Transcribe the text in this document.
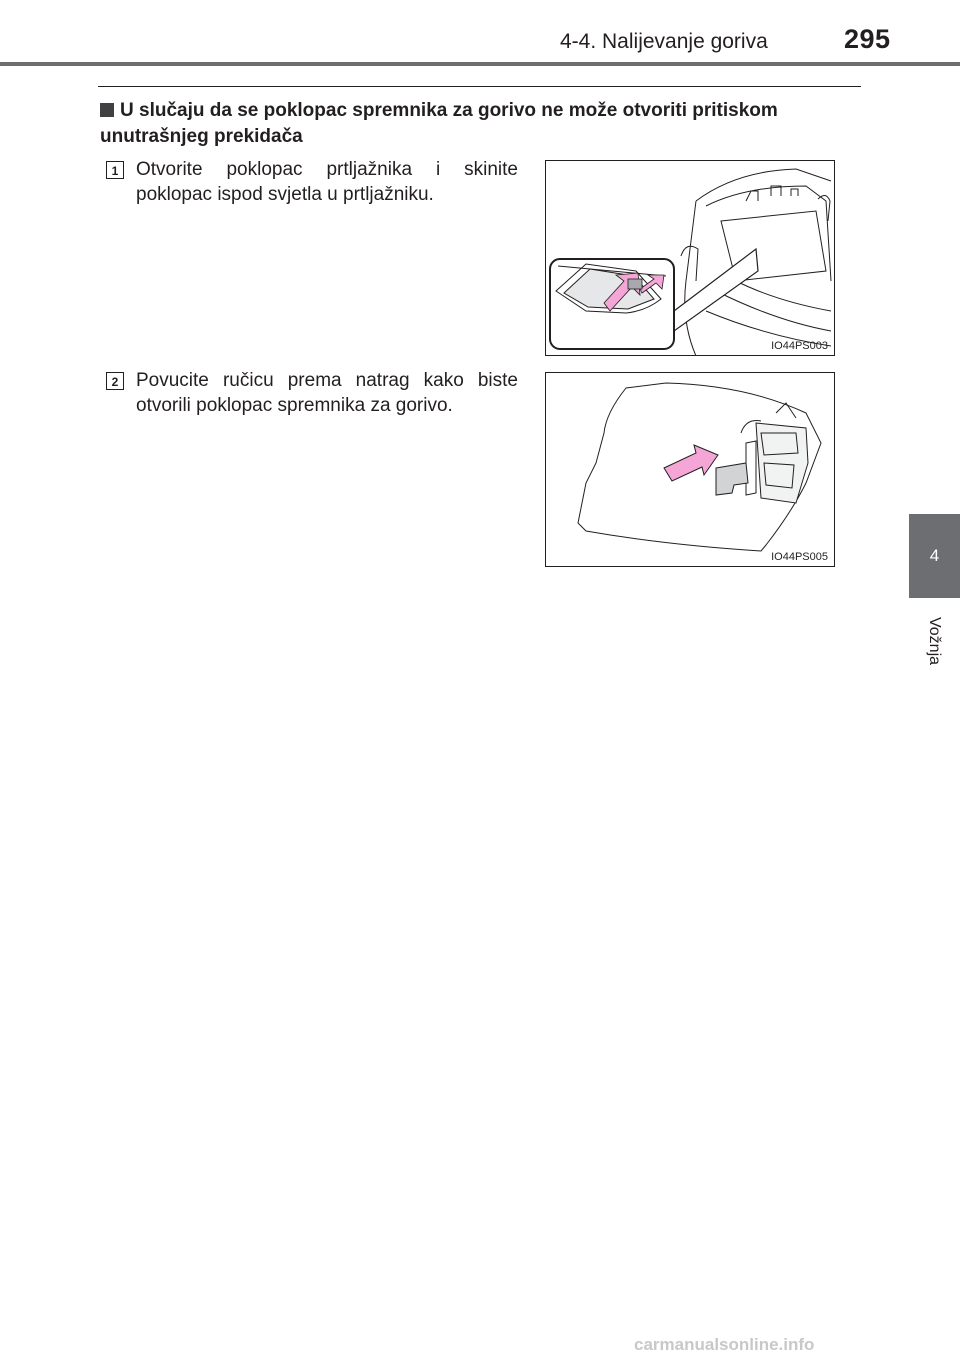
4-4. Nalijevanje goriva	295
4
Vožnja
U slučaju da se poklopac spremnika za gorivo ne može otvoriti pritiskom
unutrašnjeg prekidača
1 Otvorite poklopac prtljažnika i skinite poklopac ispod svjetla u prtljažniku.
IO44PS003
2 Povucite ručicu prema natrag kako biste otvorili poklopac spremnika za gorivo.
IO44PS005
carmanualsonline.info
